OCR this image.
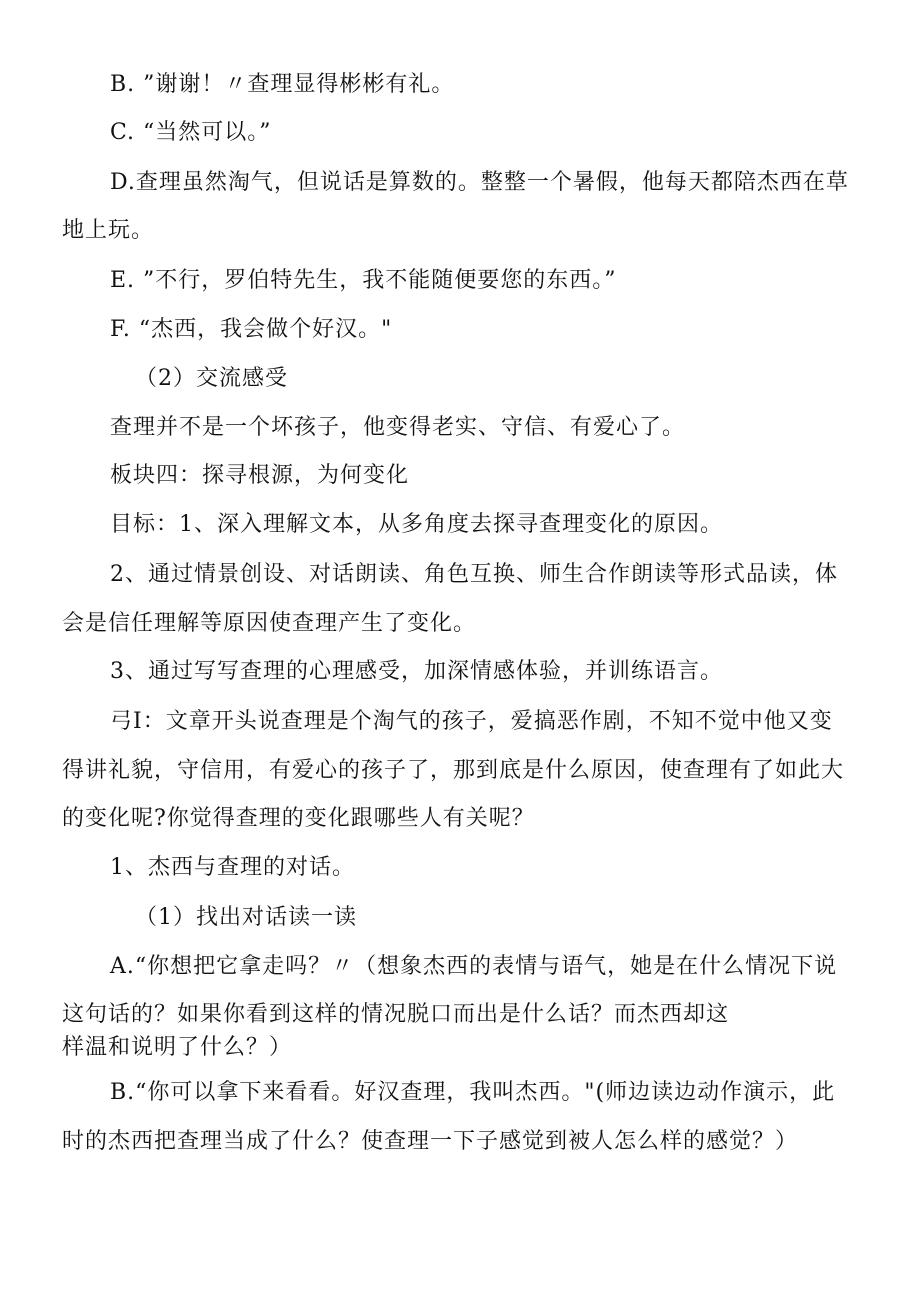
B. ”谢谢！〃查理显得彬彬有礼。
C. “当然可以。”
D.查理虽然淘气，但说话是算数的。整整一个暑假，他每天都陪杰西在草
地上玩。
E. ”不行，罗伯特先生，我不能随便要您的东西。”
F. “杰西，我会做个好汉。"
（2）交流感受
查理并不是一个坏孩子，他变得老实、守信、有爱心了。
板块四：探寻根源，为何变化
目标：1、深入理解文本，从多角度去探寻查理变化的原因。
2、通过情景创设、对话朗读、角色互换、师生合作朗读等形式品读，体
会是信任理解等原因使查理产生了变化。
3、通过写写查理的心理感受，加深情感体验，并训练语言。
弓I：文章开头说查理是个淘气的孩子，爱搞恶作剧，不知不觉中他又变
得讲礼貌，守信用，有爱心的孩子了，那到底是什么原因，使查理有了如此大
的变化呢?你觉得查理的变化跟哪些人有关呢？
1、杰西与查理的对话。
（1）找出对话读一读
A.“你想把它拿走吗？〃（想象杰西的表情与语气，她是在什么情况下说
这句话的？如果你看到这样的情况脱口而出是什么话？而杰西却这
样温和说明了什么？）
B.“你可以拿下来看看。好汉查理，我叫杰西。"(师边读边动作演示，此
时的杰西把查理当成了什么？使查理一下子感觉到被人怎么样的感觉？）
